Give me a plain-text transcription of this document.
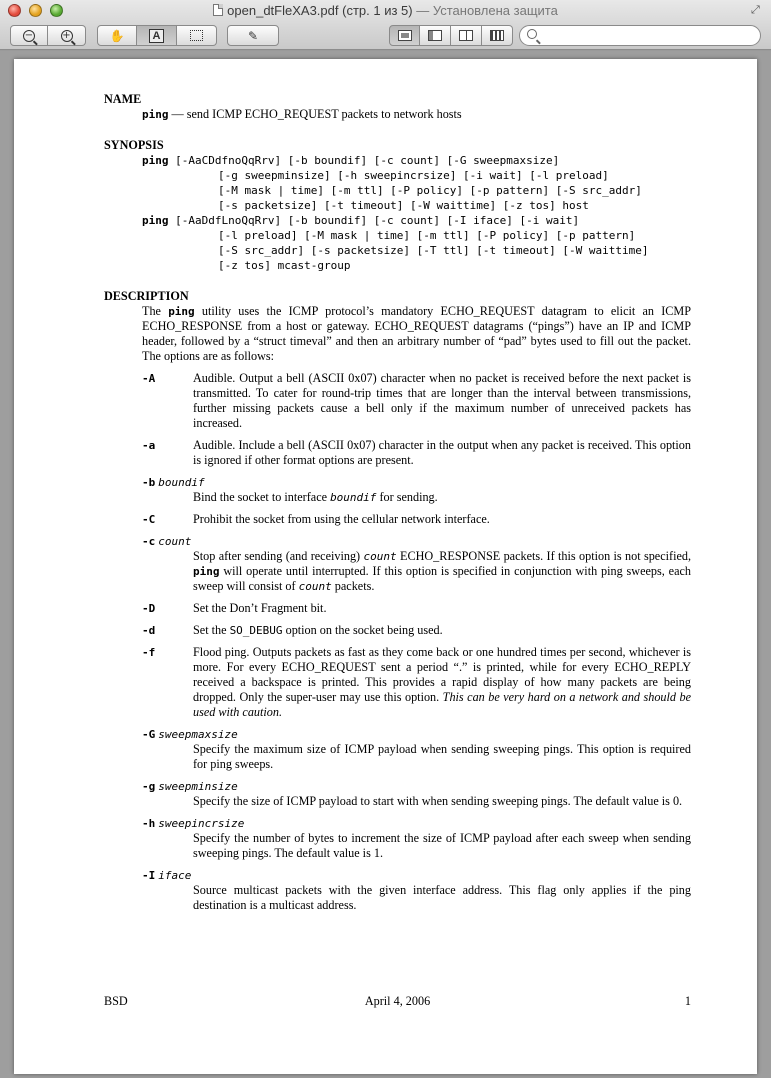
open_dtFleXA3.pdf (стр. 1 из 5) — Установлена защита	⤢
−	+	✋	A	✎
NAME
ping — send ICMP ECHO_REQUEST packets to network hosts
SYNOPSIS
ping [-AaCDdfnoQqRrv] [-b boundif] [-c count] [-G sweepmaxsize]
[-g sweepminsize] [-h sweepincrsize] [-i wait] [-l preload]
[-M mask | time] [-m ttl] [-P policy] [-p pattern] [-S src_addr]
[-s packetsize] [-t timeout] [-W waittime] [-z tos] host
ping [-AaDdfLnoQqRrv] [-b boundif] [-c count] [-I iface] [-i wait]
[-l preload] [-M mask | time] [-m ttl] [-P policy] [-p pattern]
[-S src_addr] [-s packetsize] [-T ttl] [-t timeout] [-W waittime]
[-z tos] mcast-group
DESCRIPTION
The ping utility uses the ICMP protocol’s mandatory ECHO_REQUEST datagram to elicit an ICMP ECHO_RESPONSE from a host or gateway. ECHO_REQUEST datagrams (“pings”) have an IP and ICMP header, followed by a “struct timeval” and then an arbitrary number of “pad” bytes used to fill out the packet. The options are as follows:
-A	Audible. Output a bell (ASCII 0x07) character when no packet is received before the next packet is transmitted. To cater for round-trip times that are longer than the interval between transmissions, further missing packets cause a bell only if the maximum number of unreceived packets has increased.
-a	Audible. Include a bell (ASCII 0x07) character in the output when any packet is received. This option is ignored if other format options are present.
-b boundif
Bind the socket to interface boundif for sending.
-C	Prohibit the socket from using the cellular network interface.
-c count
Stop after sending (and receiving) count ECHO_RESPONSE packets. If this option is not specified, ping will operate until interrupted. If this option is specified in conjunction with ping sweeps, each sweep will consist of count packets.
-D	Set the Don’t Fragment bit.
-d	Set the SO_DEBUG option on the socket being used.
-f	Flood ping. Outputs packets as fast as they come back or one hundred times per second, whichever is more. For every ECHO_REQUEST sent a period “.” is printed, while for every ECHO_REPLY received a backspace is printed. This provides a rapid display of how many packets are being dropped. Only the super-user may use this option. This can be very hard on a network and should be used with caution.
-G sweepmaxsize
Specify the maximum size of ICMP payload when sending sweeping pings. This option is required for ping sweeps.
-g sweepminsize
Specify the size of ICMP payload to start with when sending sweeping pings. The default value is 0.
-h sweepincrsize
Specify the number of bytes to increment the size of ICMP payload after each sweep when sending sweeping pings. The default value is 1.
-I iface
Source multicast packets with the given interface address. This flag only applies if the ping destination is a multicast address.
BSD	April 4, 2006	1
